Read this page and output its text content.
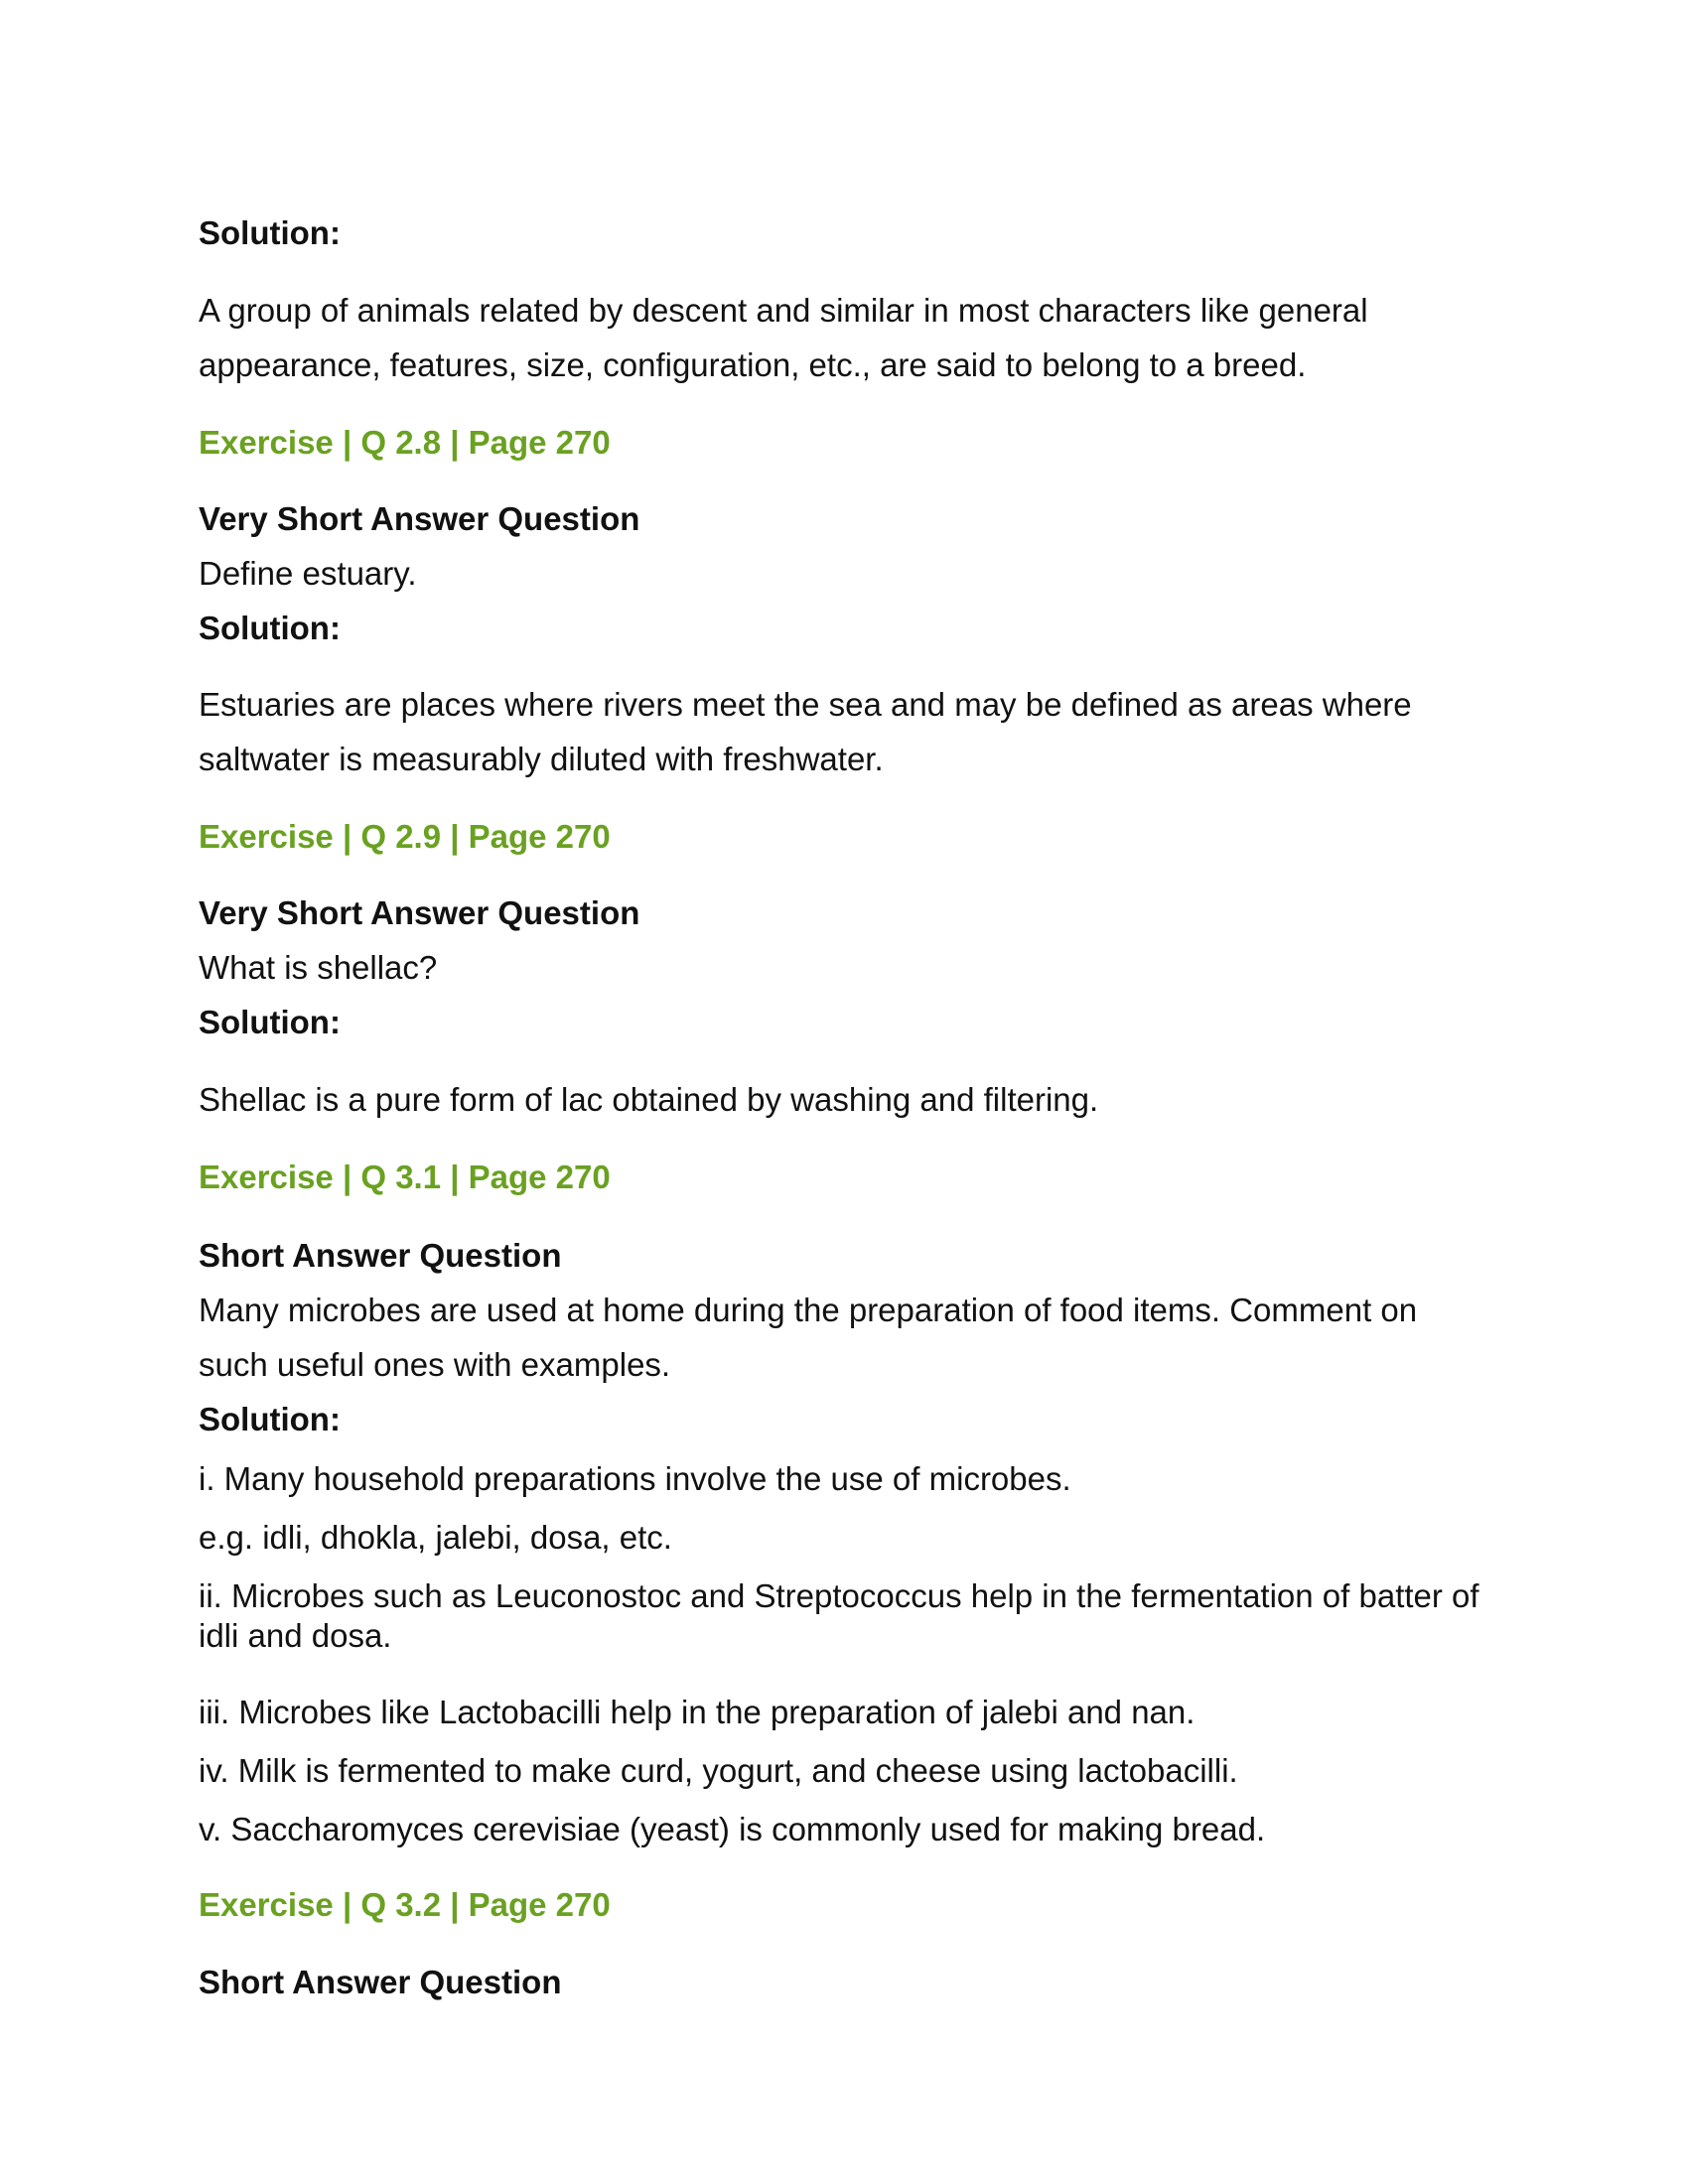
Solution:
A group of animals related by descent and similar in most characters like general appearance, features, size, configuration, etc., are said to belong to a breed.
Exercise | Q 2.8 | Page 270
Very Short Answer Question
Define estuary.
Solution:
Estuaries are places where rivers meet the sea and may be defined as areas where saltwater is measurably diluted with freshwater.
Exercise | Q 2.9 | Page 270
Very Short Answer Question
What is shellac?
Solution:
Shellac is a pure form of lac obtained by washing and filtering.
Exercise | Q 3.1 | Page 270
Short Answer Question
Many microbes are used at home during the preparation of food items. Comment on such useful ones with examples.
Solution:
i. Many household preparations involve the use of microbes.
e.g. idli, dhokla, jalebi, dosa, etc.
ii. Microbes such as Leuconostoc and Streptococcus help in the fermentation of batter of idli and dosa.
iii. Microbes like Lactobacilli help in the preparation of jalebi and nan.
iv. Milk is fermented to make curd, yogurt, and cheese using lactobacilli.
v. Saccharomyces cerevisiae (yeast) is commonly used for making bread.
Exercise | Q 3.2 | Page 270
Short Answer Question
